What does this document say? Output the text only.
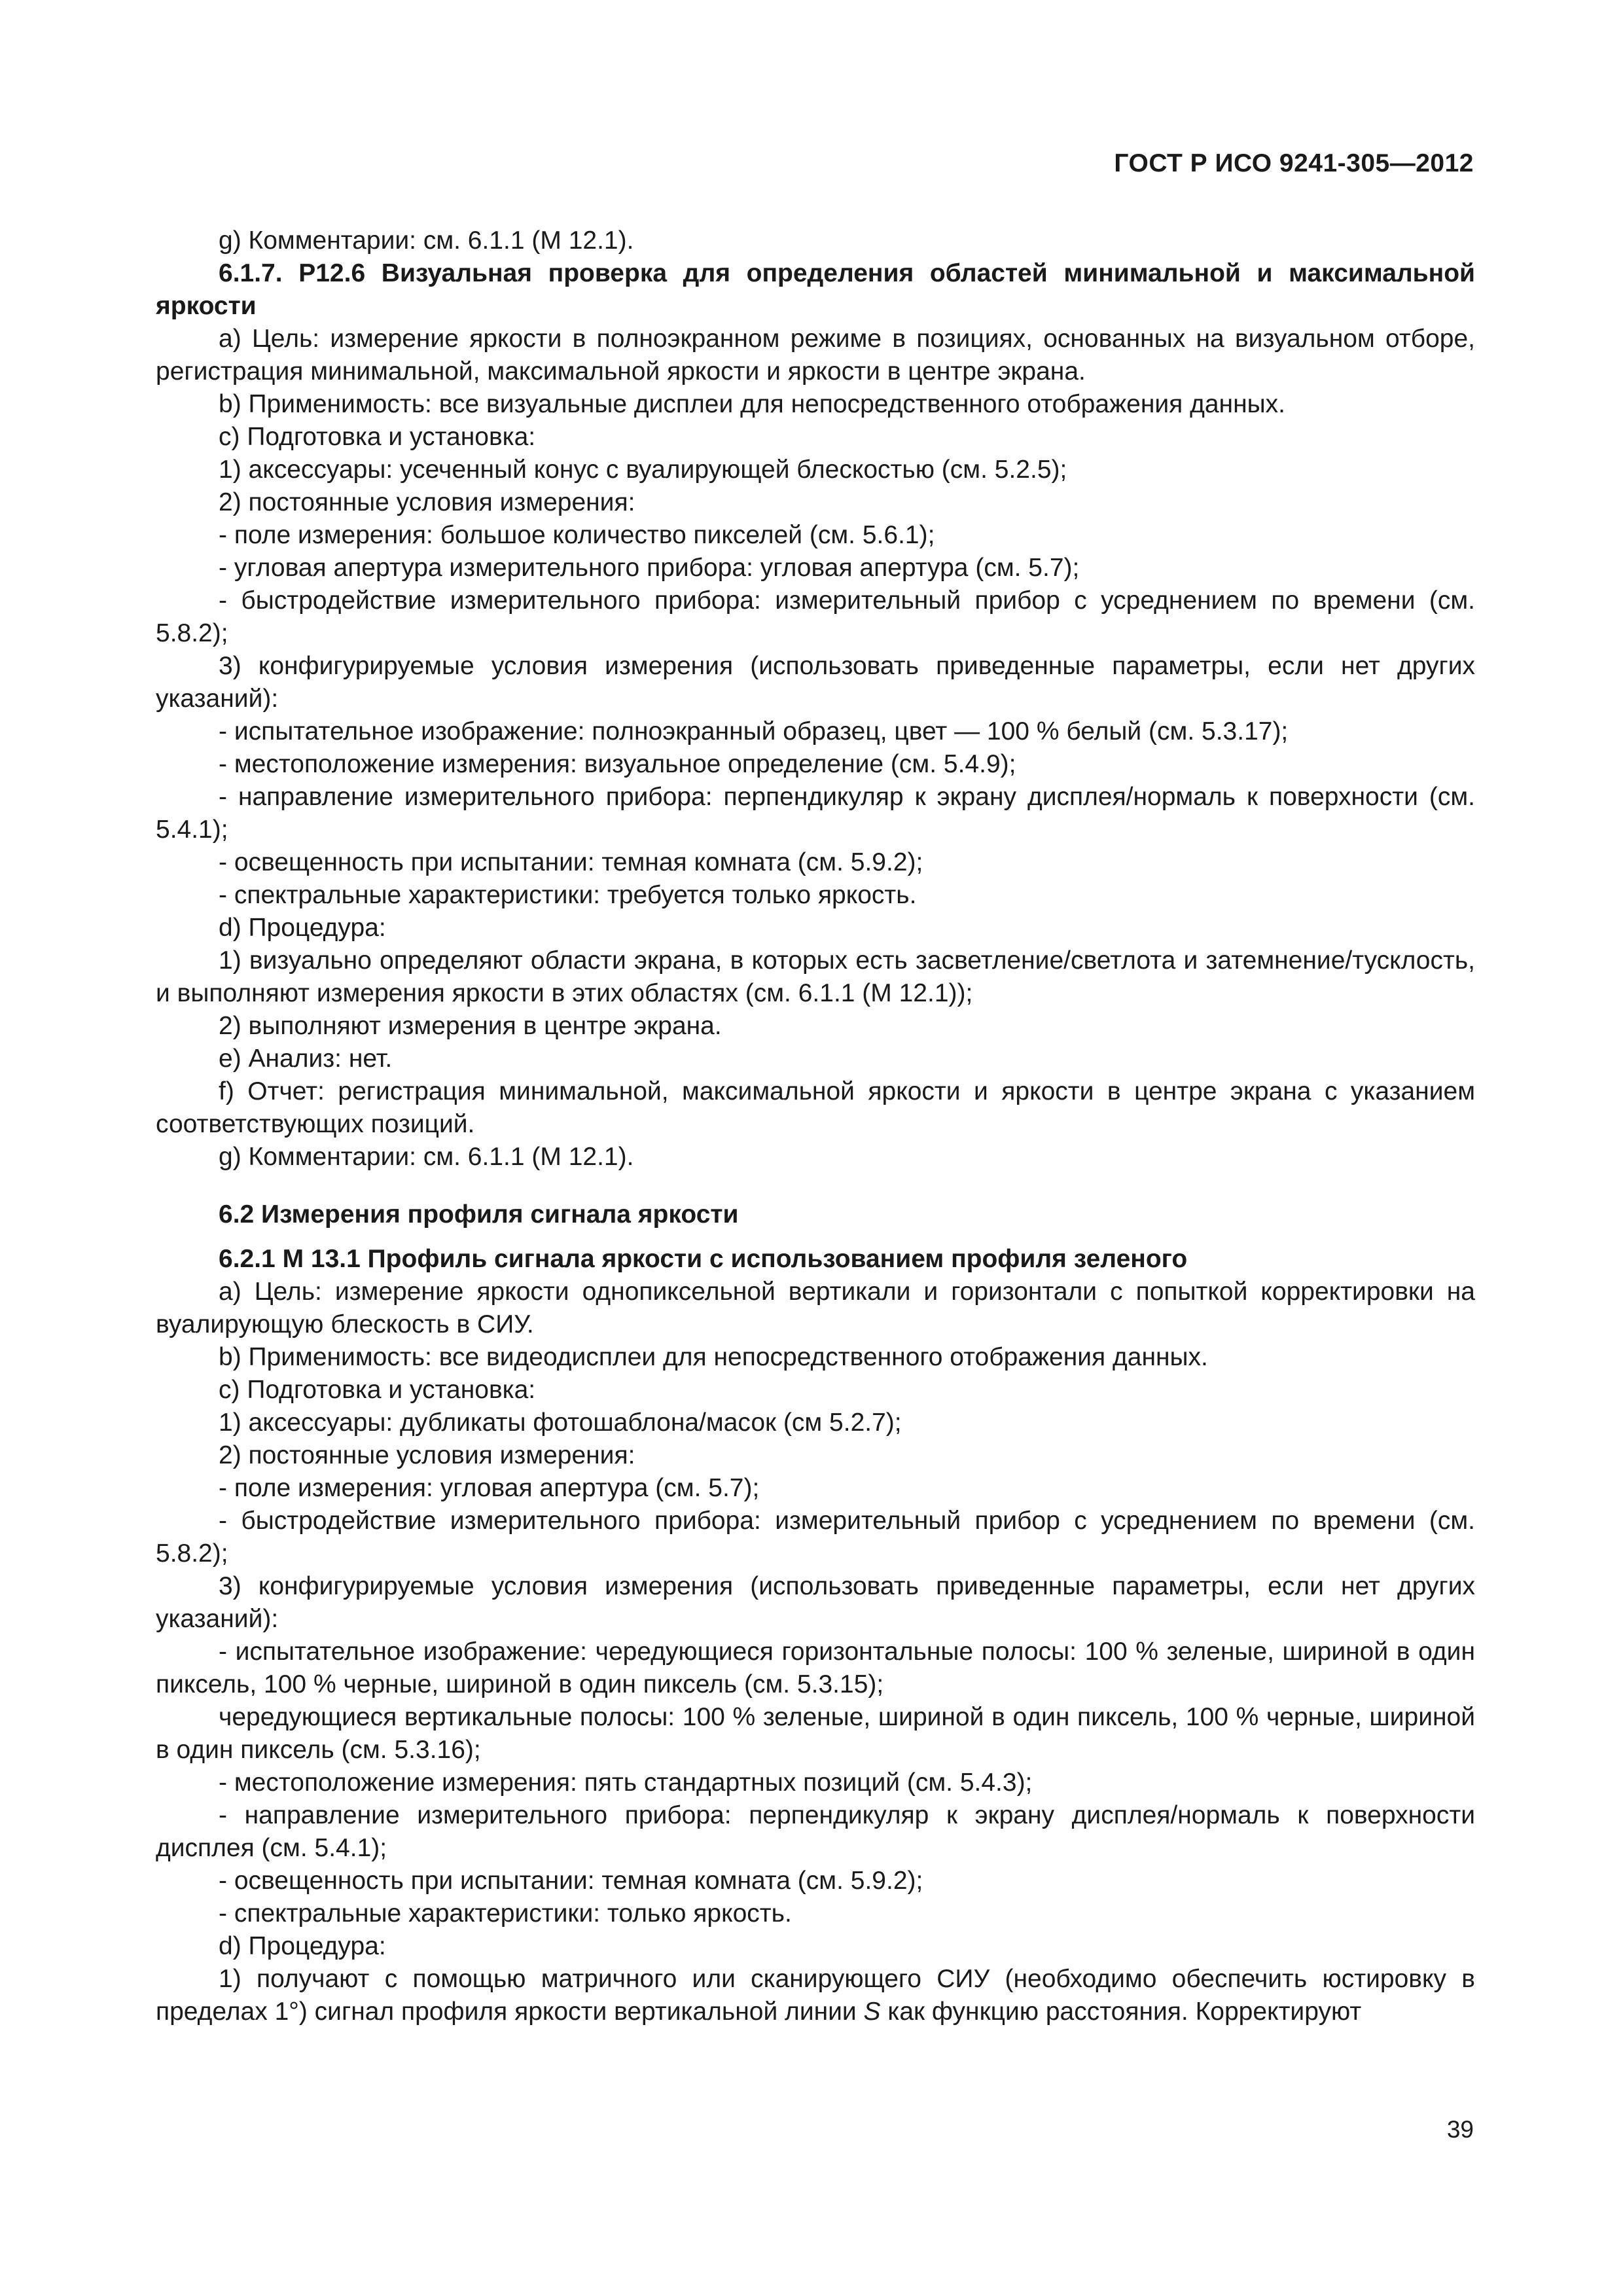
ГОСТ Р ИСО 9241-305—2012

g) Комментарии: см. 6.1.1 (М 12.1).

6.1.7. Р12.6 Визуальная проверка для определения областей минимальной и максимальной яркости

a) Цель: измерение яркости в полноэкранном режиме в позициях, основанных на визуальном отборе, регистрация минимальной, максимальной яркости и яркости в центре экрана.

b) Применимость: все визуальные дисплеи для непосредственного отображения данных.

c) Подготовка и установка:

1) аксессуары: усеченный конус с вуалирующей блескостью (см. 5.2.5);

2) постоянные условия измерения:

- поле измерения: большое количество пикселей (см. 5.6.1);

- угловая апертура измерительного прибора: угловая апертура (см. 5.7);

- быстродействие измерительного прибора: измерительный прибор с усреднением по времени (см. 5.8.2);

3) конфигурируемые условия измерения (использовать приведенные параметры, если нет других указаний):

- испытательное изображение: полноэкранный образец, цвет — 100 % белый (см. 5.3.17);

- местоположение измерения: визуальное определение (см. 5.4.9);

- направление измерительного прибора: перпендикуляр к экрану дисплея/нормаль к поверхности (см. 5.4.1);

- освещенность при испытании: темная комната (см. 5.9.2);

- спектральные характеристики: требуется только яркость.

d) Процедура:

1) визуально определяют области экрана, в которых есть засветление/светлота и затемнение/тусклость, и выполняют измерения яркости в этих областях (см. 6.1.1 (М 12.1));

2) выполняют измерения в центре экрана.

e) Анализ: нет.

f) Отчет: регистрация минимальной, максимальной яркости и яркости в центре экрана с указанием соответствующих позиций.

g) Комментарии: см. 6.1.1 (М 12.1).

6.2 Измерения профиля сигнала яркости

6.2.1 М 13.1 Профиль сигнала яркости с использованием профиля зеленого

a) Цель: измерение яркости однопиксельной вертикали и горизонтали с попыткой корректировки на вуалирующую блескость в СИУ.

b) Применимость: все видеодисплеи для непосредственного отображения данных.

c) Подготовка и установка:

1) аксессуары: дубликаты фотошаблона/масок (см 5.2.7);

2) постоянные условия измерения:

- поле измерения: угловая апертура (см. 5.7);

- быстродействие измерительного прибора: измерительный прибор с усреднением по времени (см. 5.8.2);

3) конфигурируемые условия измерения (использовать приведенные параметры, если нет других указаний):

- испытательное изображение: чередующиеся горизонтальные полосы: 100 % зеленые, шириной в один пиксель, 100 % черные, шириной в один пиксель (см. 5.3.15);

чередующиеся вертикальные полосы: 100 % зеленые, шириной в один пиксель, 100 % черные, шириной в один пиксель (см. 5.3.16);

- местоположение измерения: пять стандартных позиций (см. 5.4.3);

- направление измерительного прибора: перпендикуляр к экрану дисплея/нормаль к поверхности дисплея (см. 5.4.1);

- освещенность при испытании: темная комната (см. 5.9.2);

- спектральные характеристики: только яркость.

d) Процедура:

1) получают с помощью матричного или сканирующего СИУ (необходимо обеспечить юстировку в пределах 1°) сигнал профиля яркости вертикальной линии S как функцию расстояния. Корректируют

39
